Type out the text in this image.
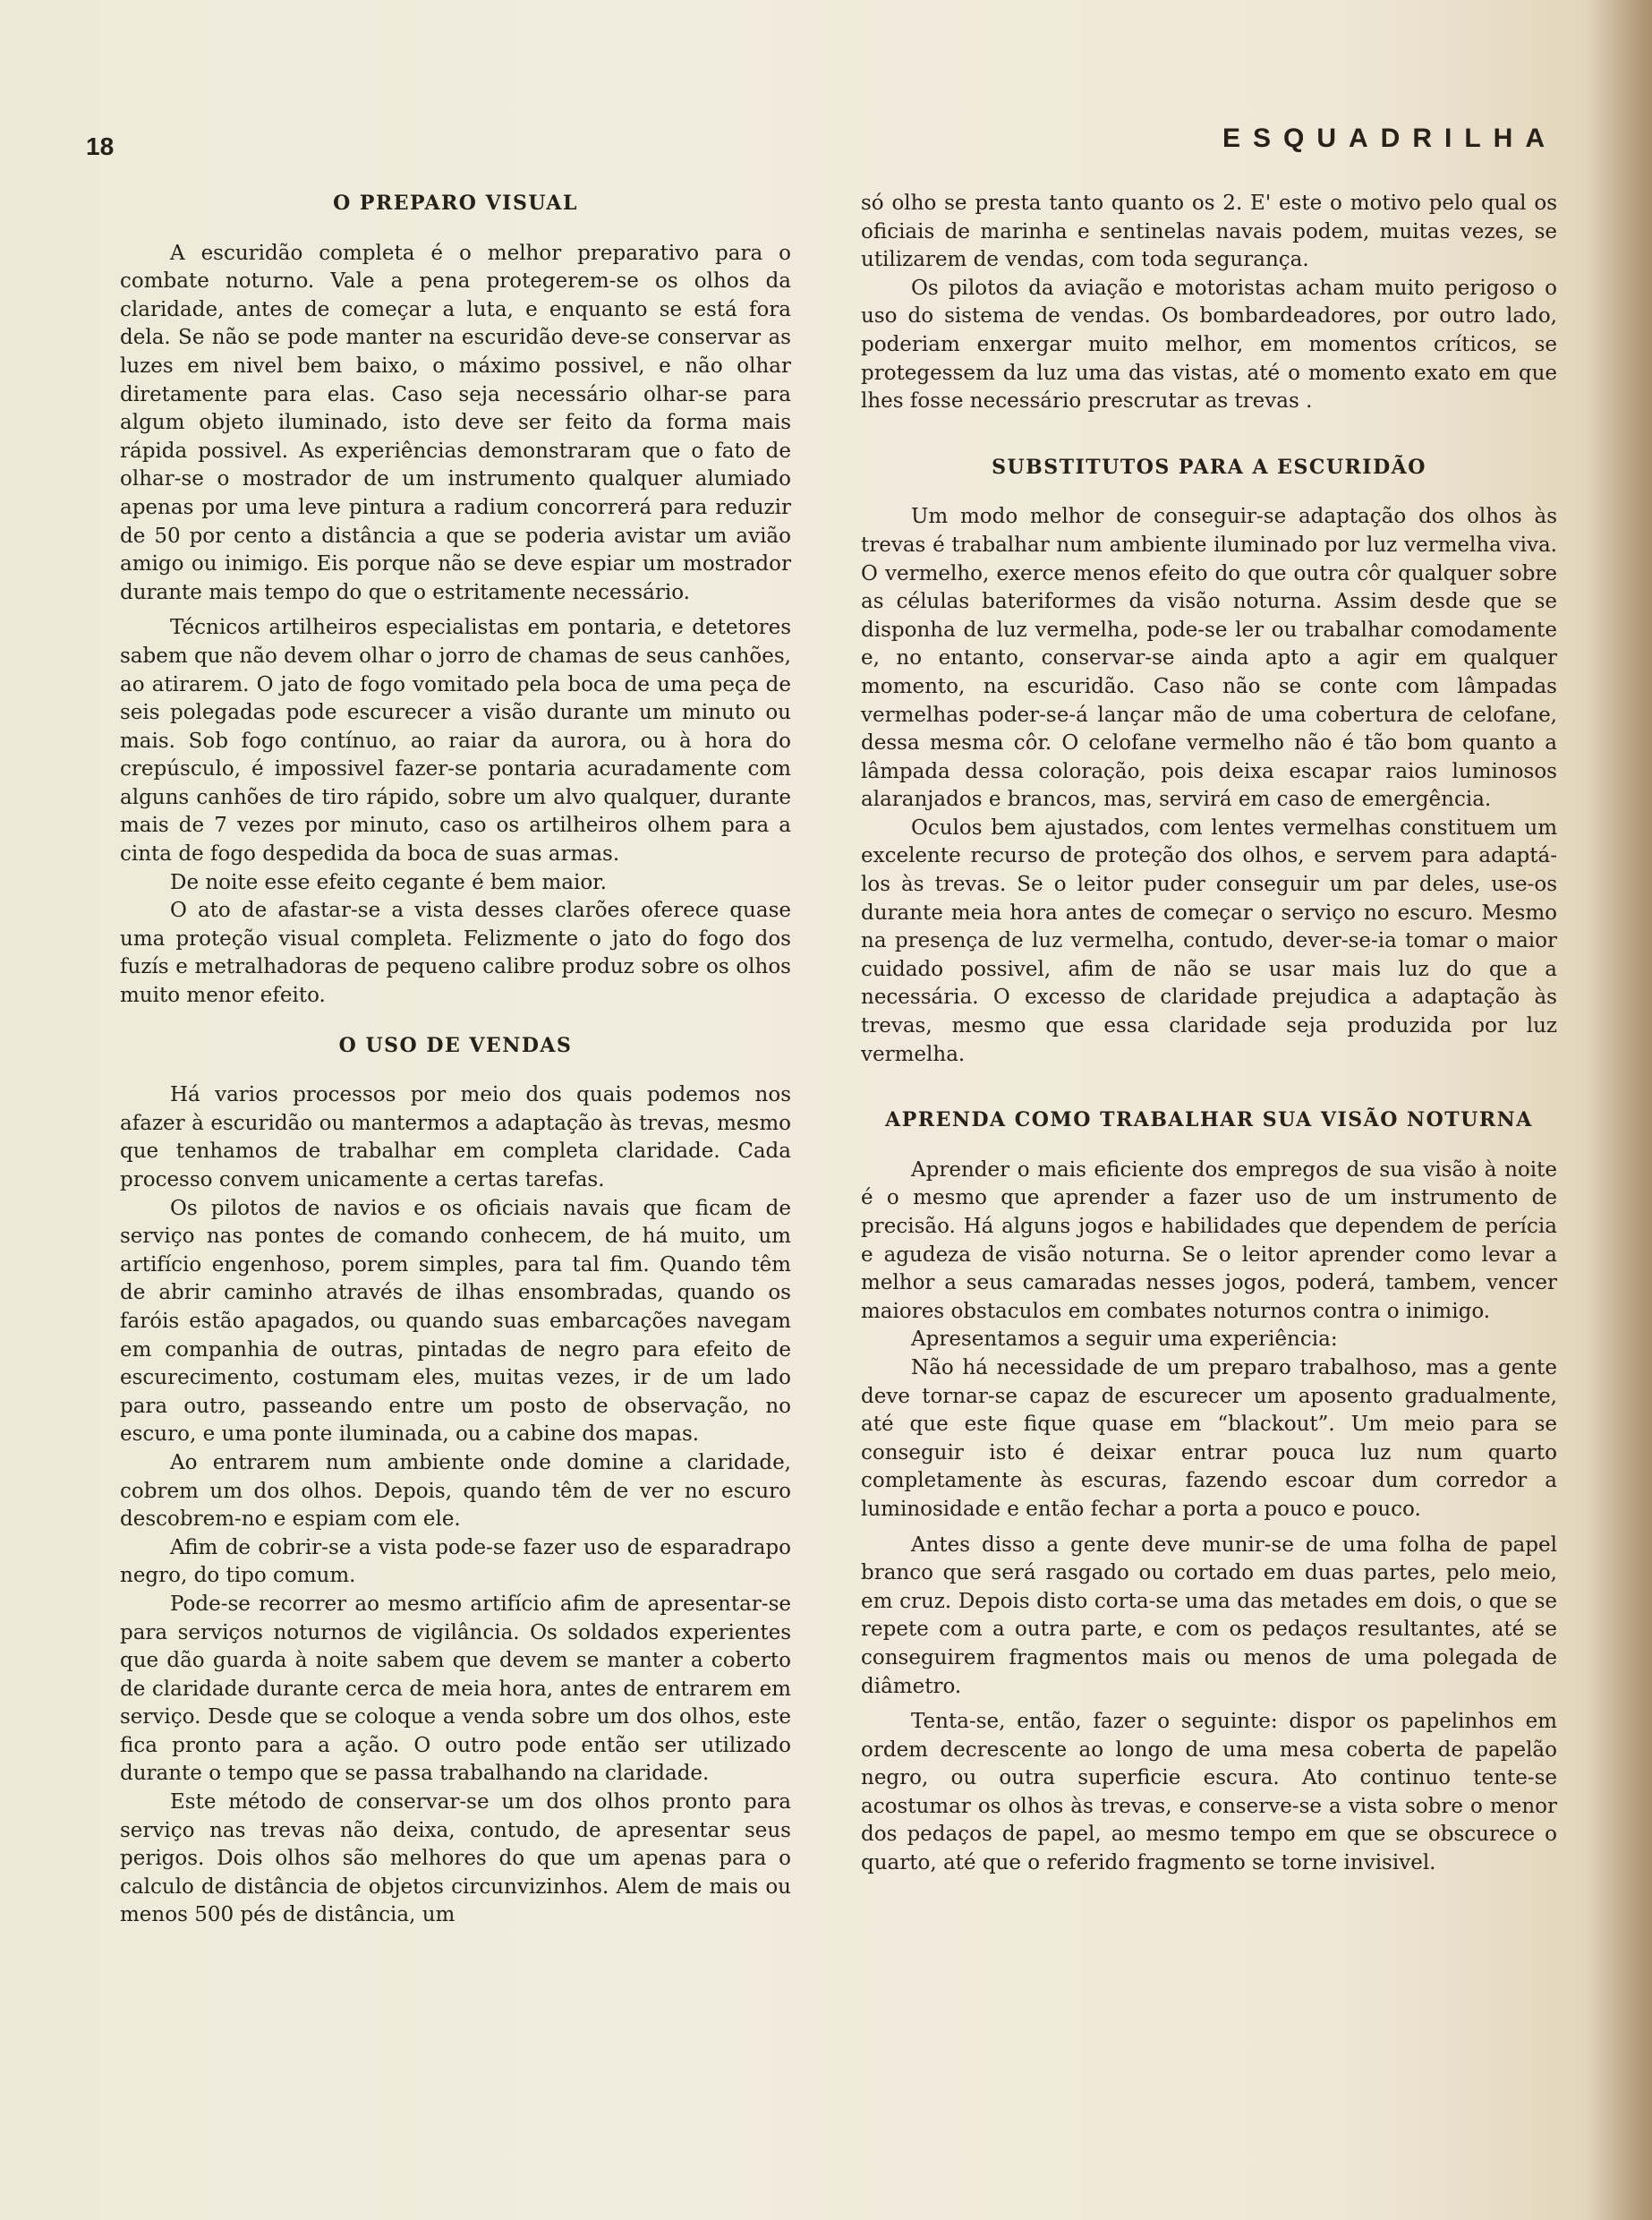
18	ESQUADRILHA
O PREPARO VISUAL

A escuridão completa é o melhor preparativo para o combate noturno. Vale a pena protegerem-se os olhos da claridade, antes de começar a luta, e enquanto se está fora dela. Se não se pode manter na escuridão deve-se conservar as luzes em nivel bem baixo, o máximo possivel, e não olhar diretamente para elas. Caso seja necessário olhar-se para algum objeto iluminado, isto deve ser feito da forma mais rápida possivel. As experiências demonstraram que o fato de olhar-se o mostrador de um instrumento qualquer alumiado apenas por uma leve pintura a radium concorrerá para reduzir de 50 por cento a distância a que se poderia avistar um avião amigo ou inimigo. Eis porque não se deve espiar um mostrador durante mais tempo do que o estritamente necessário.

Técnicos artilheiros especialistas em pontaria, e detetores sabem que não devem olhar o jorro de chamas de seus canhões, ao atirarem. O jato de fogo vomitado pela boca de uma peça de seis polegadas pode escurecer a visão durante um minuto ou mais. Sob fogo contínuo, ao raiar da aurora, ou à hora do crepúsculo, é impossivel fazer-se pontaria acuradamente com alguns canhões de tiro rápido, sobre um alvo qualquer, durante mais de 7 vezes por minuto, caso os artilheiros olhem para a cinta de fogo despedida da boca de suas armas.

De noite esse efeito cegante é bem maior.

O ato de afastar-se a vista desses clarões oferece quase uma proteção visual completa. Felizmente o jato do fogo dos fuzís e metralhadoras de pequeno calibre produz sobre os olhos muito menor efeito.

O USO DE VENDAS

Há varios processos por meio dos quais podemos nos afazer à escuridão ou mantermos a adaptação às trevas, mesmo que tenhamos de trabalhar em completa claridade. Cada processo convem unicamente a certas tarefas.

Os pilotos de navios e os oficiais navais que ficam de serviço nas pontes de comando conhecem, de há muito, um artifício engenhoso, porem simples, para tal fim. Quando têm de abrir caminho através de ilhas ensombradas, quando os faróis estão apagados, ou quando suas embarcações navegam em companhia de outras, pintadas de negro para efeito de escurecimento, costumam eles, muitas vezes, ir de um lado para outro, passeando entre um posto de observação, no escuro, e uma ponte iluminada, ou a cabine dos mapas.

Ao entrarem num ambiente onde domine a claridade, cobrem um dos olhos. Depois, quando têm de ver no escuro descobrem-no e espiam com ele.

Afim de cobrir-se a vista pode-se fazer uso de esparadrapo negro, do tipo comum.

Pode-se recorrer ao mesmo artifício afim de apresentar-se para serviços noturnos de vigilância. Os soldados experientes que dão guarda à noite sabem que devem se manter a coberto de claridade durante cerca de meia hora, antes de entrarem em serviço. Desde que se coloque a venda sobre um dos olhos, este fica pronto para a ação. O outro pode então ser utilizado durante o tempo que se passa trabalhando na claridade.

Este método de conservar-se um dos olhos pronto para serviço nas trevas não deixa, contudo, de apresentar seus perigos. Dois olhos são melhores do que um apenas para o calculo de distância de objetos circunvizinhos. Alem de mais ou menos 500 pés de distância, um

só olho se presta tanto quanto os 2. E' este o motivo pelo qual os oficiais de marinha e sentinelas navais podem, muitas vezes, se utilizarem de vendas, com toda segurança.

Os pilotos da aviação e motoristas acham muito perigoso o uso do sistema de vendas. Os bombardeadores, por outro lado, poderiam enxergar muito melhor, em momentos críticos, se protegessem da luz uma das vistas, até o momento exato em que lhes fosse necessário prescrutar as trevas .

SUBSTITUTOS PARA A ESCURIDÃO

Um modo melhor de conseguir-se adaptação dos olhos às trevas é trabalhar num ambiente iluminado por luz vermelha viva. O vermelho, exerce menos efeito do que outra côr qualquer sobre as células bateriformes da visão noturna. Assim desde que se disponha de luz vermelha, pode-se ler ou trabalhar comodamente e, no entanto, conservar-se ainda apto a agir em qualquer momento, na escuridão. Caso não se conte com lâmpadas vermelhas poder-se-á lançar mão de uma cobertura de celofane, dessa mesma côr. O celofane vermelho não é tão bom quanto a lâmpada dessa coloração, pois deixa escapar raios luminosos alaranjados e brancos, mas, servirá em caso de emergência.

Oculos bem ajustados, com lentes vermelhas constituem um excelente recurso de proteção dos olhos, e servem para adaptá-los às trevas. Se o leitor puder conseguir um par deles, use-os durante meia hora antes de começar o serviço no escuro. Mesmo na presença de luz vermelha, contudo, dever-se-ia tomar o maior cuidado possivel, afim de não se usar mais luz do que a necessária. O excesso de claridade prejudica a adaptação às trevas, mesmo que essa claridade seja produzida por luz vermelha.

APRENDA COMO TRABALHAR SUA VISÃO NOTURNA

Aprender o mais eficiente dos empregos de sua visão à noite é o mesmo que aprender a fazer uso de um instrumento de precisão. Há alguns jogos e habilidades que dependem de perícia e agudeza de visão noturna. Se o leitor aprender como levar a melhor a seus camaradas nesses jogos, poderá, tambem, vencer maiores obstaculos em combates noturnos contra o inimigo.

Apresentamos a seguir uma experiência:

Não há necessidade de um preparo trabalhoso, mas a gente deve tornar-se capaz de escurecer um aposento gradualmente, até que este fique quase em “blackout”. Um meio para se conseguir isto é deixar entrar pouca luz num quarto completamente às escuras, fazendo escoar dum corredor a luminosidade e então fechar a porta a pouco e pouco.

Antes disso a gente deve munir-se de uma folha de papel branco que será rasgado ou cortado em duas partes, pelo meio, em cruz. Depois disto corta-se uma das metades em dois, o que se repete com a outra parte, e com os pedaços resultantes, até se conseguirem fragmentos mais ou menos de uma polegada de diâmetro.

Tenta-se, então, fazer o seguinte: dispor os papelinhos em ordem decrescente ao longo de uma mesa coberta de papelão negro, ou outra superficie escura. Ato continuo tente-se acostumar os olhos às trevas, e conserve-se a vista sobre o menor dos pedaços de papel, ao mesmo tempo em que se obscurece o quarto, até que o referido fragmento se torne invisivel.
